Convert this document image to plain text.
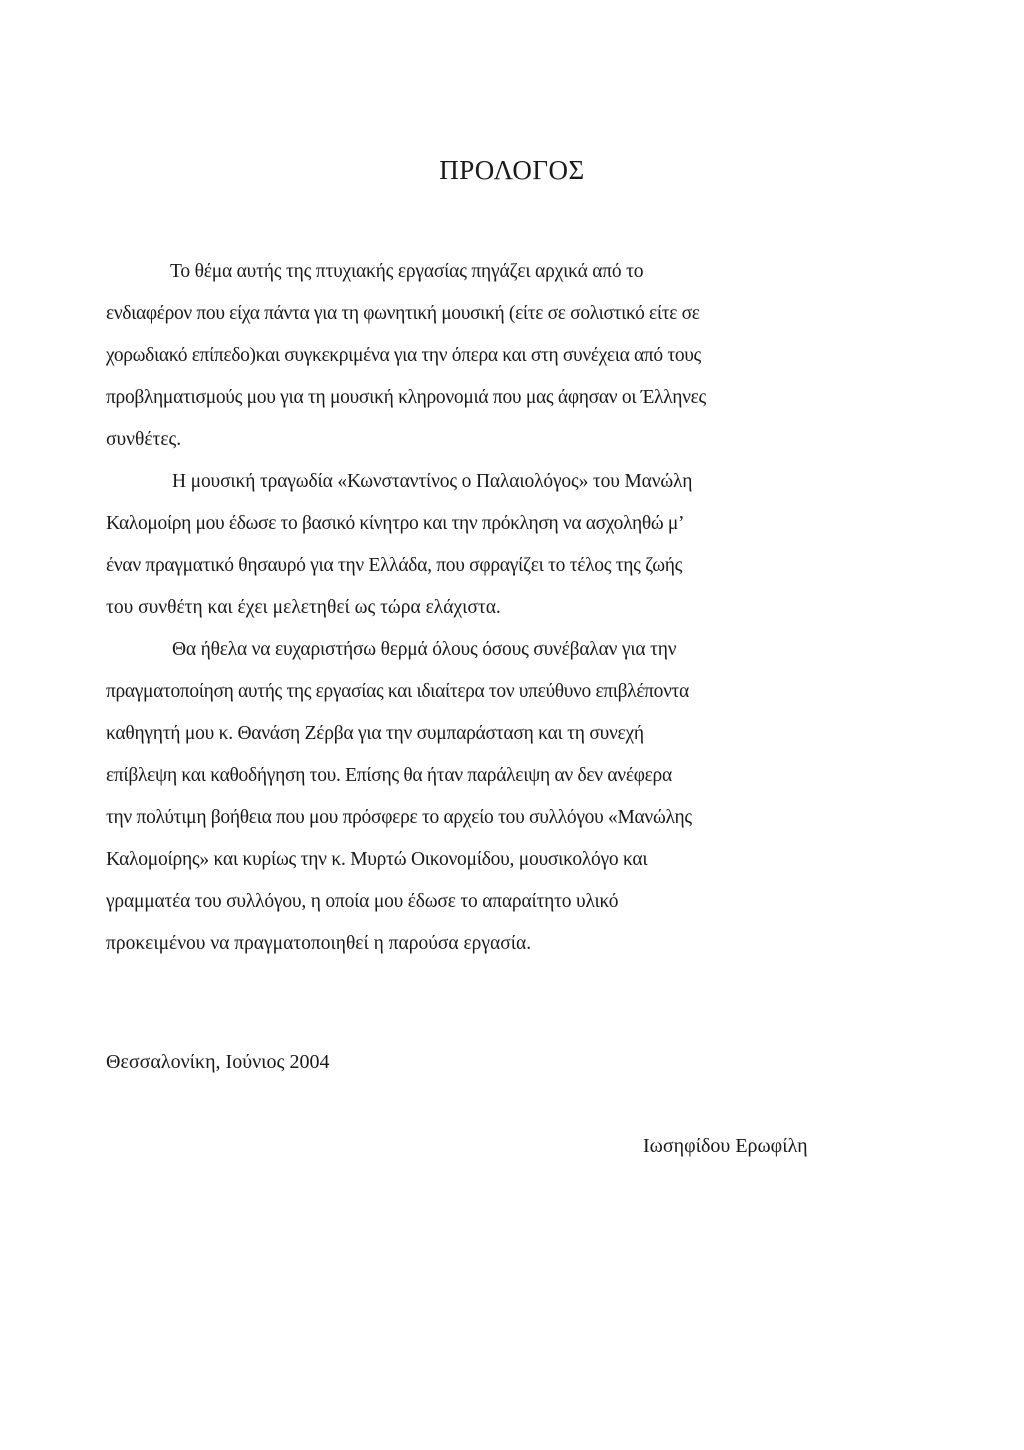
ΠΡΟΛΟΓΟΣ
Το θέμα αυτής της πτυχιακής εργασίας πηγάζει αρχικά από το
ενδιαφέρον που είχα πάντα για τη φωνητική μουσική (είτε σε σολιστικό είτε σε
χορωδιακό επίπεδο)και συγκεκριμένα για την όπερα και στη συνέχεια από τους
προβληματισμούς μου για τη μουσική κληρονομιά που μας άφησαν οι Έλληνες
συνθέτες.
Η μουσική τραγωδία «Κωνσταντίνος ο Παλαιολόγος» του Μανώλη
Καλομοίρη μου έδωσε το βασικό κίνητρο και την πρόκληση να ασχοληθώ μ’
έναν πραγματικό θησαυρό για την Ελλάδα, που σφραγίζει το τέλος της ζωής
του συνθέτη και έχει μελετηθεί ως τώρα ελάχιστα.
Θα ήθελα να ευχαριστήσω θερμά όλους όσους συνέβαλαν για την
πραγματοποίηση αυτής της εργασίας και ιδιαίτερα τον υπεύθυνο επιβλέποντα
καθηγητή μου κ. Θανάση Ζέρβα για την συμπαράσταση και τη συνεχή
επίβλεψη και καθοδήγηση του. Επίσης θα ήταν παράλειψη αν δεν ανέφερα
την πολύτιμη βοήθεια που μου πρόσφερε το αρχείο του συλλόγου «Μανώλης
Καλομοίρης» και κυρίως την κ. Μυρτώ Οικονομίδου, μουσικολόγο και
γραμματέα του συλλόγου, η οποία μου έδωσε το απαραίτητο υλικό
προκειμένου να πραγματοποιηθεί η παρούσα εργασία.
Θεσσαλονίκη, Ιούνιος 2004
Ιωσηφίδου Ερωφίλη
